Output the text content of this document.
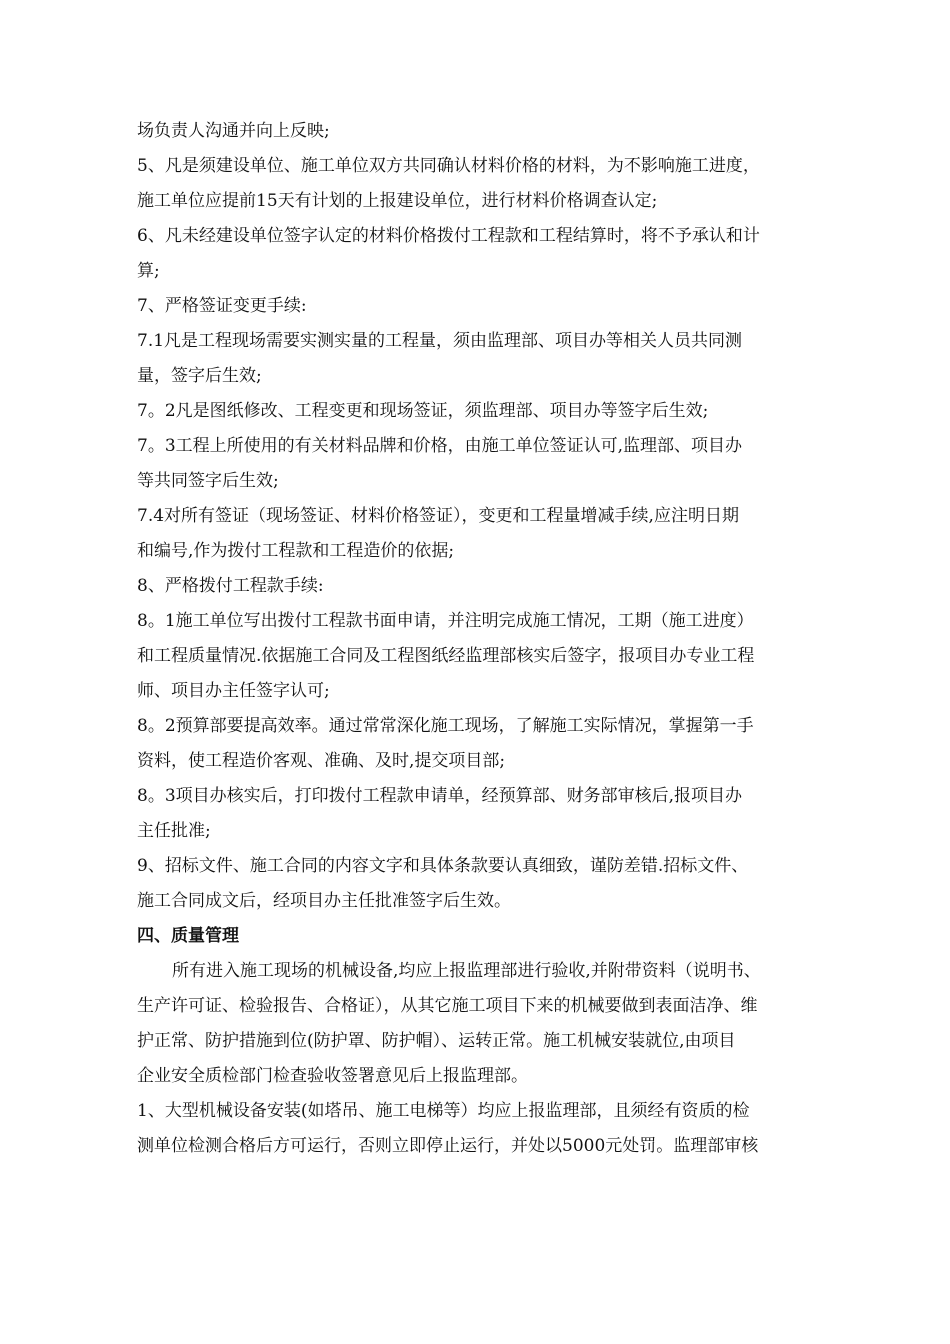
场负责人沟通并向上反映;
5、凡是须建设单位、施工单位双方共同确认材料价格的材料，为不影响施工进度，
施工单位应提前15天有计划的上报建设单位，进行材料价格调查认定;
6、凡未经建设单位签字认定的材料价格拨付工程款和工程结算时，将不予承认和计
算;
7、严格签证变更手续:
7.1凡是工程现场需要实测实量的工程量，须由监理部、项目办等相关人员共同测
量，签字后生效;
7。2凡是图纸修改、工程变更和现场签证，须监理部、项目办等签字后生效;
7。3工程上所使用的有关材料品牌和价格，由施工单位签证认可,监理部、项目办
等共同签字后生效;
7.4对所有签证（现场签证、材料价格签证），变更和工程量增减手续,应注明日期
和编号,作为拨付工程款和工程造价的依据;
8、严格拨付工程款手续:
8。1施工单位写出拨付工程款书面申请，并注明完成施工情况，工期（施工进度）
和工程质量情况.依据施工合同及工程图纸经监理部核实后签字，报项目办专业工程
师、项目办主任签字认可;
8。2预算部要提高效率。通过常常深化施工现场，了解施工实际情况，掌握第一手
资料，使工程造价客观、准确、及时,提交项目部;
8。3项目办核实后，打印拨付工程款申请单，经预算部、财务部审核后,报项目办
主任批准;
9、招标文件、施工合同的内容文字和具体条款要认真细致，谨防差错.招标文件、
施工合同成文后，经项目办主任批准签字后生效。
四、质量管理
所有进入施工现场的机械设备,均应上报监理部进行验收,并附带资料（说明书、
生产许可证、检验报告、合格证），从其它施工项目下来的机械要做到表面洁净、维
护正常、防护措施到位(防护罩、防护帽）、运转正常。施工机械安装就位,由项目
企业安全质检部门检查验收签署意见后上报监理部。
1、大型机械设备安装(如塔吊、施工电梯等）均应上报监理部，且须经有资质的检
测单位检测合格后方可运行，否则立即停止运行，并处以5000元处罚。监理部审核
